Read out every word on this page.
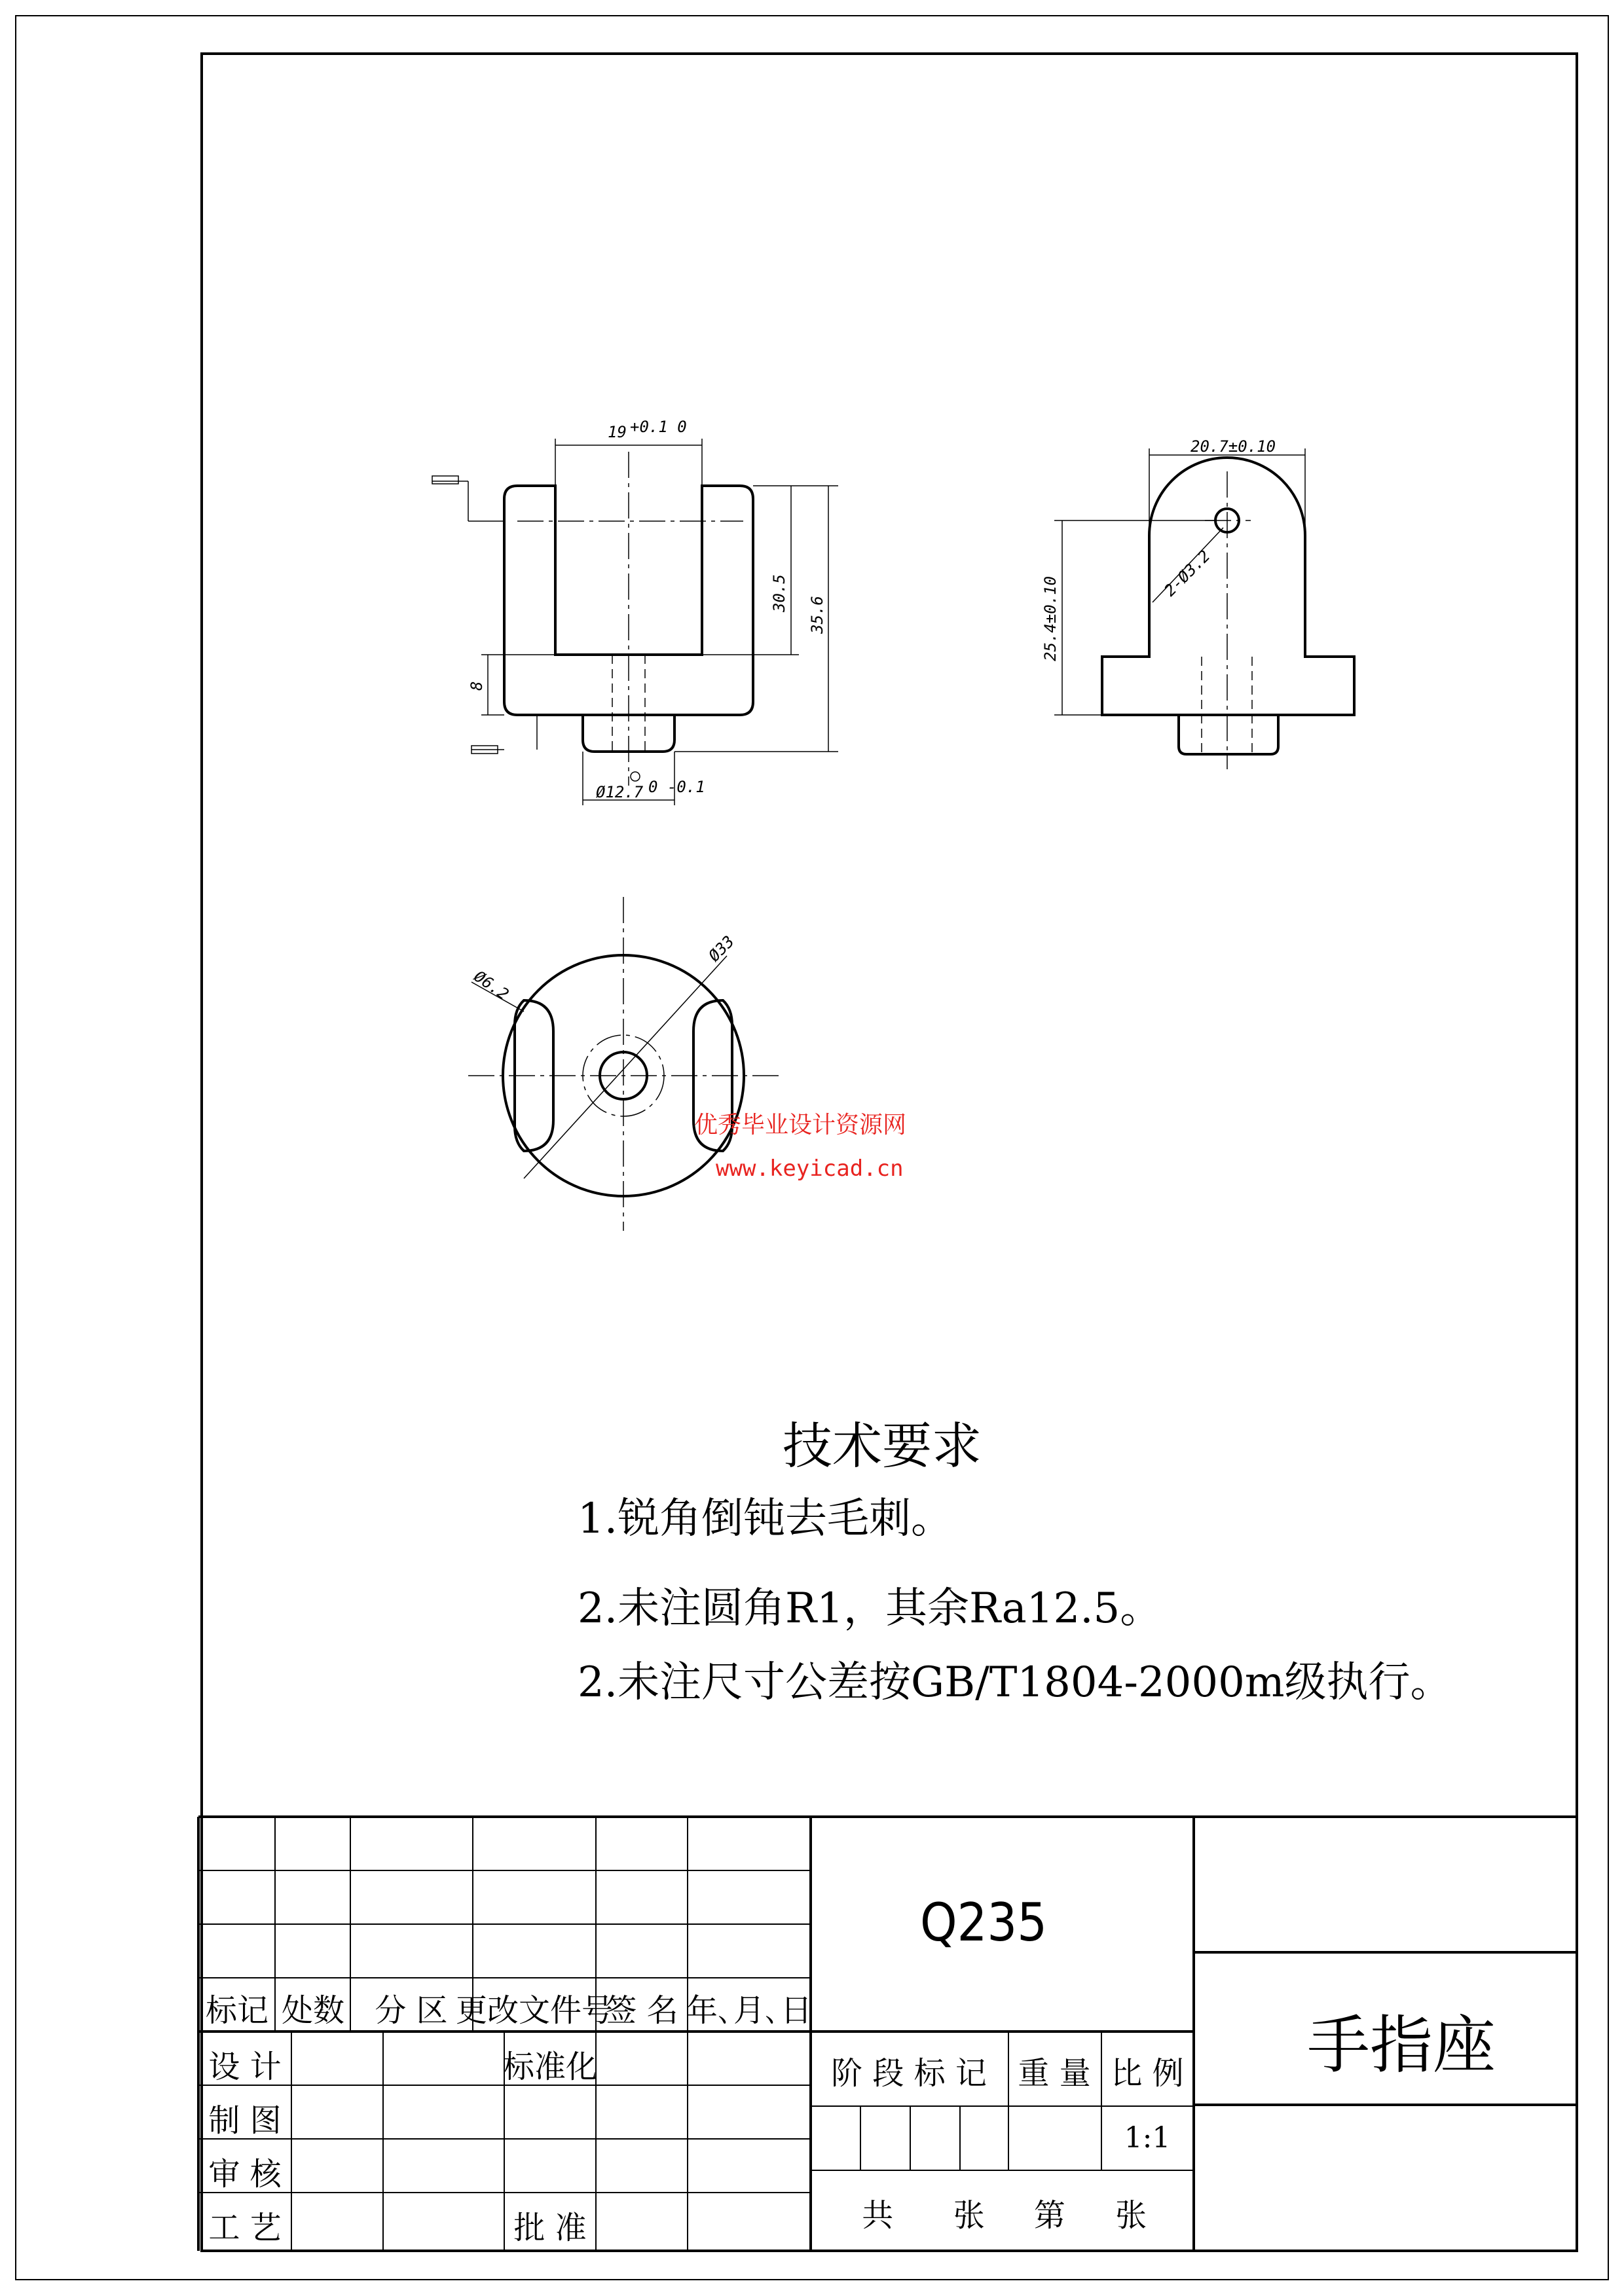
19 +0.1 0
30.5
35.6
8
Ø12.7 0 -0.1
20.7±0.10
2-Ø3.2
25.4±0.10
Ø33
Ø6.2
优秀毕业设计资源网
www.keyicad.cn
技术要求
1.锐角倒钝去毛刺。
2.未注圆角R1，其余Ra12.5。
2.未注尺寸公差按GB/T1804-2000m级执行。
标记 处数 分 区 更改文件号
签 名 年､月､日
设 计
制 图
审 核
工 艺
标准化
批 准
Q235
阶 段 标 记 重 量 比 例
1:1
共      张 第     张
手指座
